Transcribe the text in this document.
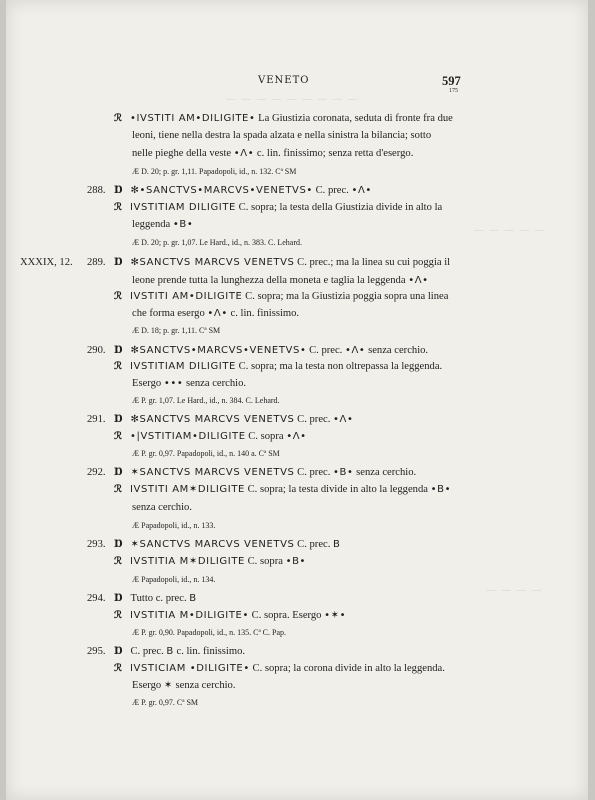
— — — — — — — — —
— — — — —
— — — —
VENETO	597
175
ℛ •IVSTITI AM•DILIGITE• La Giustizia coronata, seduta di fronte fra due
leoni, tiene nella destra la spada alzata e nella sinistra la bilancia; sotto
nelle pieghe della veste •Λ• c. lin. finissimo; senza retta d'esergo.
Æ D. 20; p. gr. 1,11. Papadopoli, id., n. 132. Cª SM
288. Ɒ ✻•SANCTVS•MARCVS•VENETVS• C. prec. •Λ•
ℛ IVSTITIAM DILIGITE C. sopra; la testa della Giustizia divide in alto la
leggenda •B•
Æ D. 20; p. gr. 1,07. Le Hard., id., n. 383. C. Lehard.
XXXIX, 12. 289. Ɒ ✻SANCTVS MARCVS VENETVS C. prec.; ma la linea su cui poggia il
leone prende tutta la lunghezza della moneta e taglia la leggenda •Λ•
ℛ IVSTITI AM•DILIGITE C. sopra; ma la Giustizia poggia sopra una linea
che forma esergo •Λ• c. lin. finissimo.
Æ D. 18; p. gr. 1,11. Cª SM
290. Ɒ ✻SANCTVS•MARCVS•VENETVS• C. prec. •Λ• senza cerchio.
ℛ IVSTITIAM DILIGITE C. sopra; ma la testa non oltrepassa la leggenda.
Esergo ••• senza cerchio.
Æ P. gr. 1,07. Le Hard., id., n. 384. C. Lehard.
291. Ɒ ✻SANCTVS MARCVS VENETVS C. prec. •Λ•
ℛ •|VSTITIAM•DILIGITE C. sopra •Λ•
Æ P. gr. 0,97. Papadopoli, id., n. 140 a. Cª SM
292. Ɒ ✶SANCTVS MARCVS VENETVS C. prec. •B• senza cerchio.
ℛ IVSTITI AM✶DILIGITE C. sopra; la testa divide in alto la leggenda •B•
senza cerchio.
Æ Papadopoli, id., n. 133.
293. Ɒ ✶SANCTVS MARCVS VENETVS C. prec. B
ℛ IVSTITIA M✶DILIGITE C. sopra •B•
Æ Papadopoli, id., n. 134.
294. Ɒ Tutto c. prec. B
ℛ IVSTITIA M•DILIGITE• C. sopra. Esergo •✶•
Æ P. gr. 0,90. Papadopoli, id., n. 135. Cª C. Pap.
295. Ɒ C. prec. B c. lin. finissimo.
ℛ IVSTICIAM •DILIGITE• C. sopra; la corona divide in alto la leggenda.
Esergo ✶ senza cerchio.
Æ P. gr. 0,97. Cª SM
